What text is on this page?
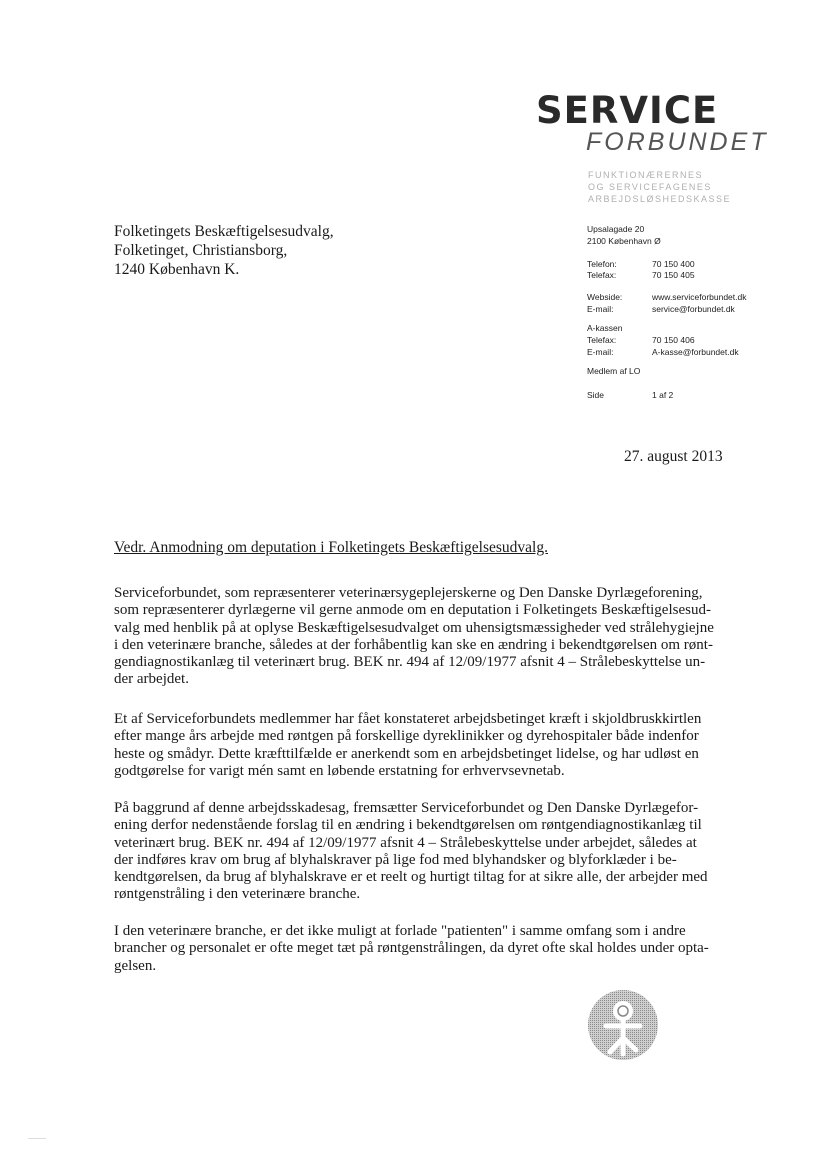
SERVICE
FORBUNDET
FUNKTIONÆRERNES
OG SERVICEFAGENES
ARBEJDSLØSHEDSKASSE
Folketingets Beskæftigelsesudvalg,
Folketinget, Christiansborg,
1240 København K.
Upsalagade 20
2100 København Ø
Telefon:	70 150 400
Telefax:	70 150 405
Webside:	www.serviceforbundet.dk
E-mail:	service@forbundet.dk
A-kassen
Telefax:	70 150 406
E-mail:	A-kasse@forbundet.dk
Medlem af LO
Side	1 af 2
27. august 2013
Vedr. Anmodning om deputation i Folketingets Beskæftigelsesudvalg.
Serviceforbundet, som repræsenterer veterinærsygeplejerskerne og Den Danske Dyrlægeforening,
som repræsenterer dyrlægerne vil gerne anmode om en deputation i Folketingets Beskæftigelsesud-
valg med henblik på at oplyse Beskæftigelsesudvalget om uhensigtsmæssigheder ved strålehygiejne
i den veterinære branche, således at der forhåbentlig kan ske en ændring i bekendtgørelsen om rønt-
gendiagnostikanlæg til veterinært brug. BEK nr. 494 af 12/09/1977 afsnit 4 – Strålebeskyttelse un-
der arbejdet.
Et af Serviceforbundets medlemmer har fået konstateret arbejdsbetinget kræft i skjoldbruskkirtlen
efter mange års arbejde med røntgen på forskellige dyreklinikker og dyrehospitaler både indenfor
heste og smådyr. Dette kræfttilfælde er anerkendt som en arbejdsbetinget lidelse, og har udløst en
godtgørelse for varigt mén samt en løbende erstatning for erhvervsevnetab.
På baggrund af denne arbejdsskadesag, fremsætter Serviceforbundet og Den Danske Dyrlægefor-
ening derfor nedenstående forslag til en ændring i bekendtgørelsen om røntgendiagnostikanlæg til
veterinært brug. BEK nr. 494 af 12/09/1977 afsnit 4 – Strålebeskyttelse under arbejdet, således at
der indføres krav om brug af blyhalskraver på lige fod med blyhandsker og blyforklæder i be-
kendtgørelsen, da brug af blyhalskrave er et reelt og hurtigt tiltag for at sikre alle, der arbejder med
røntgenstråling i den veterinære branche.
I den veterinære branche, er det ikke muligt at forlade "patienten" i samme omfang som i andre
brancher og personalet er ofte meget tæt på røntgenstrålingen, da dyret ofte skal holdes under opta-
gelsen.
